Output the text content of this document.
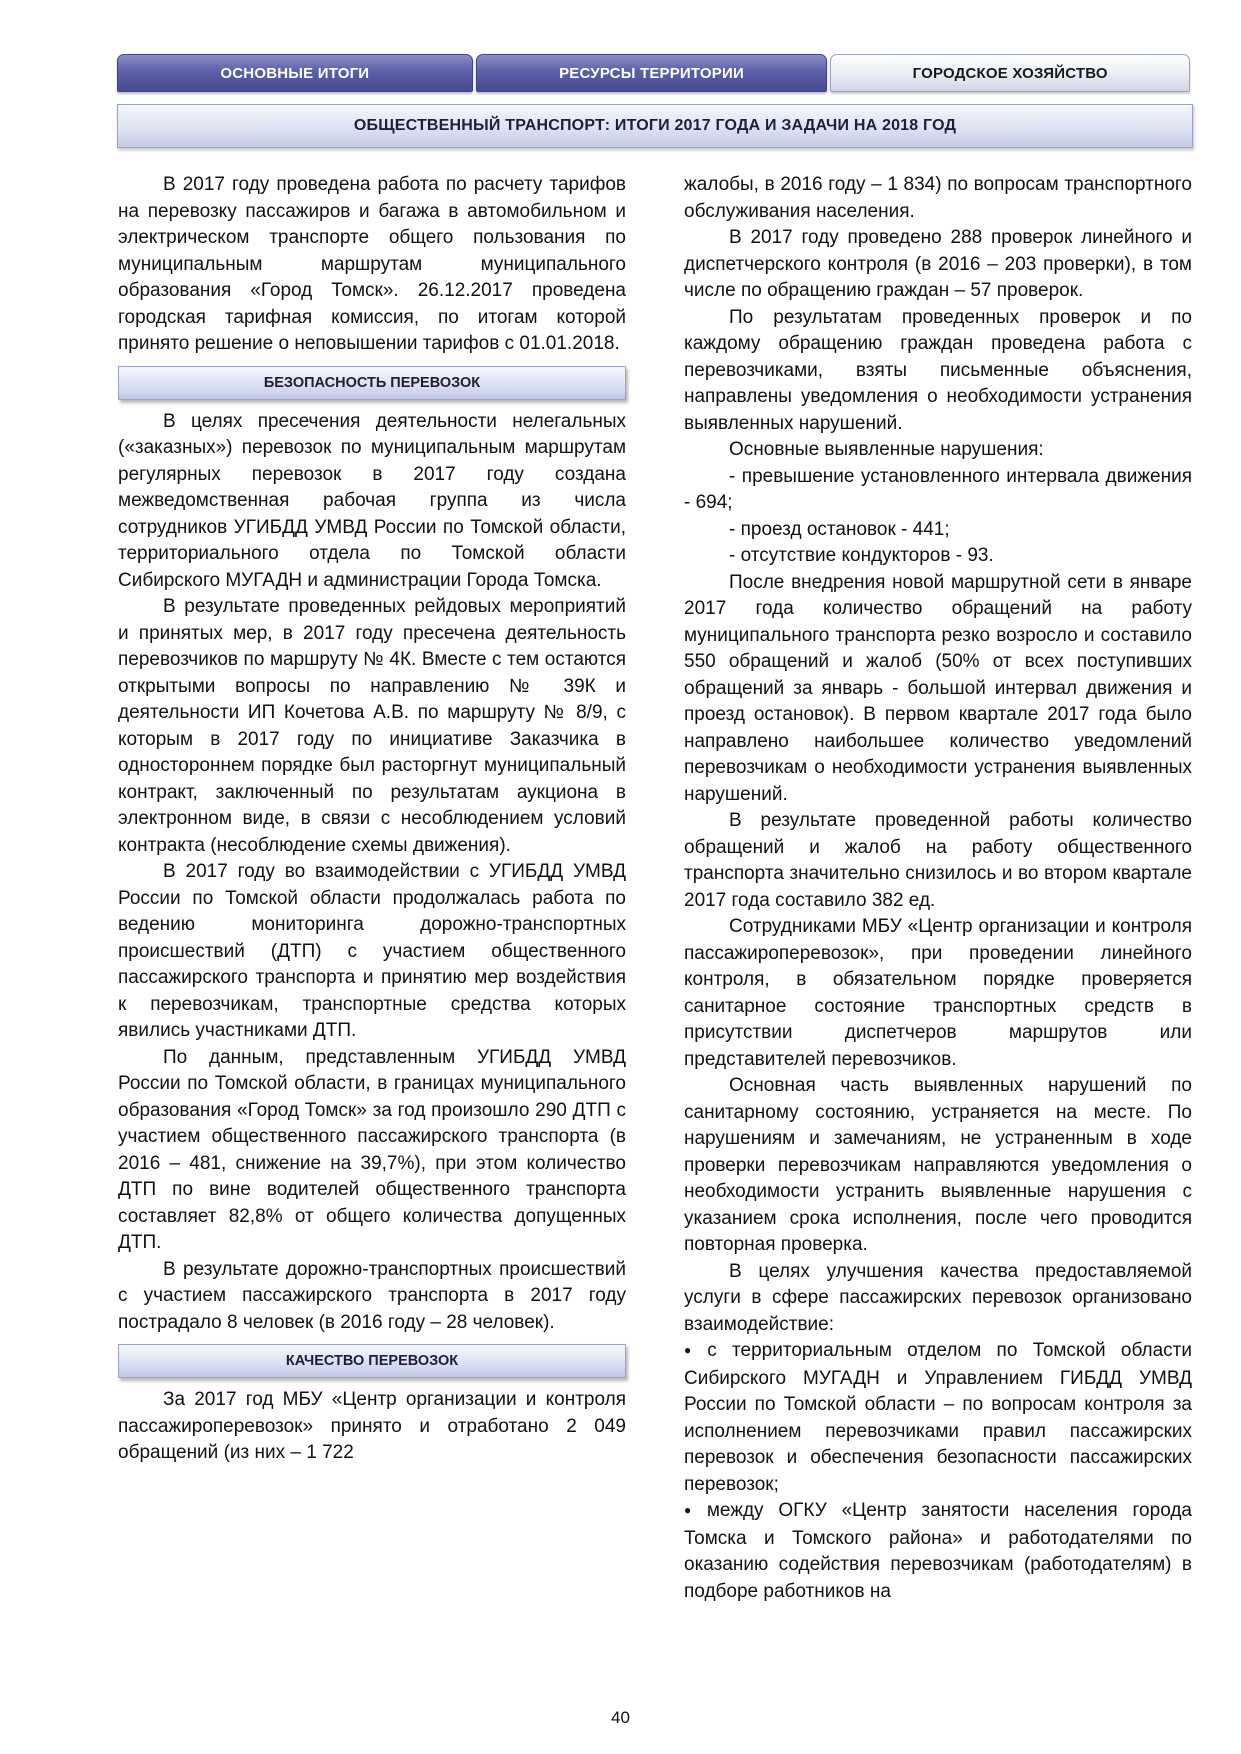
ОСНОВНЫЕ ИТОГИ	РЕСУРСЫ ТЕРРИТОРИИ	ГОРОДСКОЕ ХОЗЯЙСТВО
ОБЩЕСТВЕННЫЙ ТРАНСПОРТ: ИТОГИ 2017 ГОДА И ЗАДАЧИ НА 2018 ГОД

В 2017 году проведена работа по расчету тарифов на перевозку пассажиров и багажа в автомобильном и электрическом транспорте общего пользования по муниципальным маршрутам муниципального образования «Город Томск». 26.12.2017 проведена городская тарифная комиссия, по итогам которой принято решение о неповышении тарифов с 01.01.2018.

БЕЗОПАСНОСТЬ ПЕРЕВОЗОК

В целях пресечения деятельности нелегальных («заказных») перевозок по муниципальным маршрутам регулярных перевозок в 2017 году создана межведомственная рабочая группа из числа сотрудников УГИБДД УМВД России по Томской области, территориального отдела по Томской области Сибирского МУГАДН и администрации Города Томска.

В результате проведенных рейдовых мероприятий и принятых мер, в 2017 году пресечена деятельность перевозчиков по маршруту № 4К. Вместе с тем остаются открытыми вопросы по направлению № 39К и деятельности ИП Кочетова А.В. по маршруту № 8/9, с которым в 2017 году по инициативе Заказчика в одностороннем порядке был расторгнут муниципальный контракт, заключенный по результатам аукциона в электронном виде, в связи с несоблюдением условий контракта (несоблюдение схемы движения).

В 2017 году во взаимодействии с УГИБДД УМВД России по Томской области продолжалась работа по ведению мониторинга дорожно-транспортных происшествий (ДТП) с участием общественного пассажирского транспорта и принятию мер воздействия к перевозчикам, транспортные средства которых явились участниками ДТП.

По данным, представленным УГИБДД УМВД России по Томской области, в границах муниципального образования «Город Томск» за год произошло 290 ДТП с участием общественного пассажирского транспорта (в 2016 – 481, снижение на 39,7%), при этом количество ДТП по вине водителей общественного транспорта составляет 82,8% от общего количества допущенных ДТП.

В результате дорожно-транспортных происшествий с участием пассажирского транспорта в 2017 году пострадало 8 человек (в 2016 году – 28 человек).

КАЧЕСТВО ПЕРЕВОЗОК

За 2017 год МБУ «Центр организации и контроля пассажироперевозок» принято и отработано 2 049 обращений (из них – 1 722

жалобы, в 2016 году – 1 834) по вопросам транспортного обслуживания населения.

В 2017 году проведено 288 проверок линейного и диспетчерского контроля (в 2016 – 203 проверки), в том числе по обращению граждан – 57 проверок.

По результатам проведенных проверок и по каждому обращению граждан проведена работа с перевозчиками, взяты письменные объяснения, направлены уведомления о необходимости устранения выявленных нарушений.

Основные выявленные нарушения:

- превышение установленного интервала движения - 694;

- проезд остановок - 441;

- отсутствие кондукторов - 93.

После внедрения новой маршрутной сети в январе 2017 года количество обращений на работу муниципального транспорта резко возросло и составило 550 обращений и жалоб (50% от всех поступивших обращений за январь - большой интервал движения и проезд остановок). В первом квартале 2017 года было направлено наибольшее количество уведомлений перевозчикам о необходимости устранения выявленных нарушений.

В результате проведенной работы количество обращений и жалоб на работу общественного транспорта значительно снизилось и во втором квартале 2017 года составило 382 ед.

Сотрудниками МБУ «Центр организации и контроля пассажироперевозок», при проведении линейного контроля, в обязательном порядке проверяется санитарное состояние транспортных средств в присутствии диспетчеров маршрутов или представителей перевозчиков.

Основная часть выявленных нарушений по санитарному состоянию, устраняется на месте. По нарушениям и замечаниям, не устраненным в ходе проверки перевозчикам направляются уведомления о необходимости устранить выявленные нарушения с указанием срока исполнения, после чего проводится повторная проверка.

В целях улучшения качества предоставляемой услуги в сфере пассажирских перевозок организовано взаимодействие:

● с территориальным отделом по Томской области Сибирского МУГАДН и Управлением ГИБДД УМВД России по Томской области – по вопросам контроля за исполнением перевозчиками правил пассажирских перевозок и обеспечения безопасности пассажирских перевозок;

● между ОГКУ «Центр занятости населения города Томска и Томского района» и работодателями по оказанию содействия перевозчикам (работодателям) в подборе работников на

40
